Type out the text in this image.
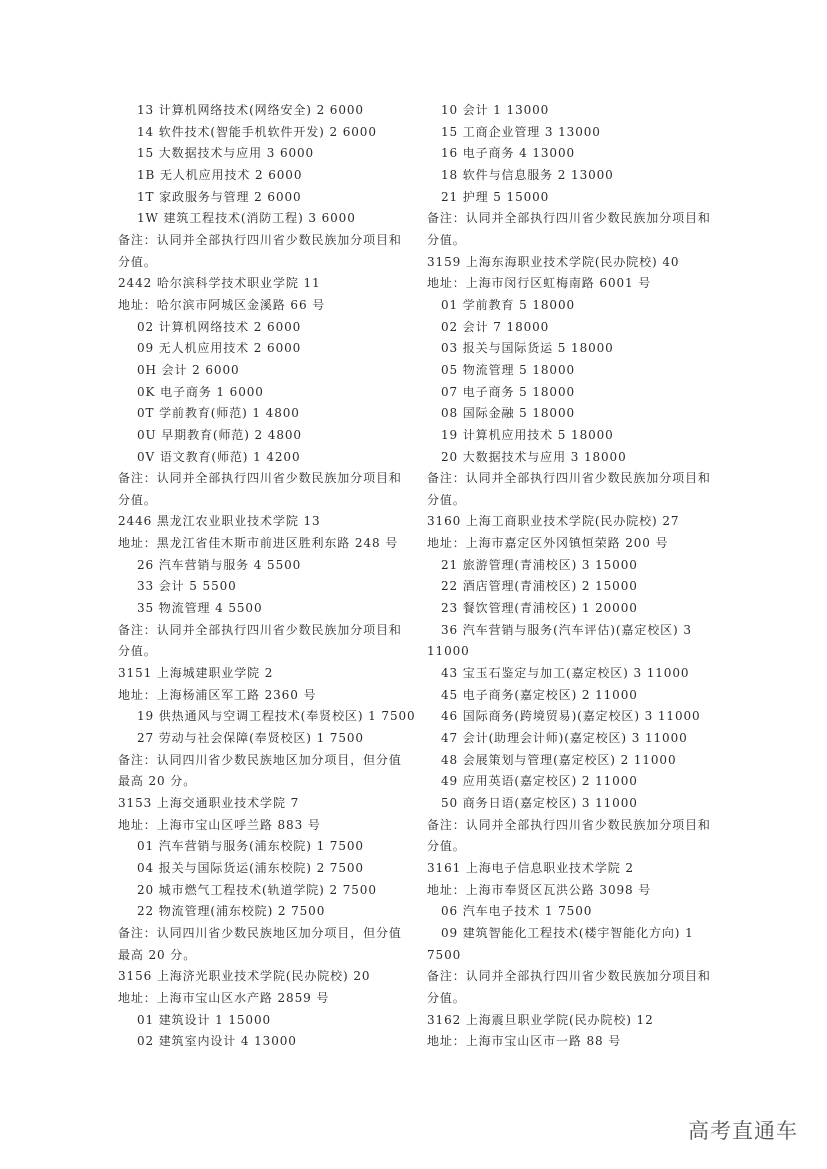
13 计算机网络技术(网络安全) 2 6000
14 软件技术(智能手机软件开发) 2 6000
15 大数据技术与应用 3 6000
1B 无人机应用技术 2 6000
1T 家政服务与管理 2 6000
1W 建筑工程技术(消防工程) 3 6000
备注：认同并全部执行四川省少数民族加分项目和
分值。
2442 哈尔滨科学技术职业学院 11
地址：哈尔滨市阿城区金溪路 66 号
02 计算机网络技术 2 6000
09 无人机应用技术 2 6000
0H 会计 2 6000
0K 电子商务 1 6000
0T 学前教育(师范) 1 4800
0U 早期教育(师范) 2 4800
0V 语文教育(师范) 1 4200
备注：认同并全部执行四川省少数民族加分项目和
分值。
2446 黑龙江农业职业技术学院 13
地址：黑龙江省佳木斯市前进区胜利东路 248 号
26 汽车营销与服务 4 5500
33 会计 5 5500
35 物流管理 4 5500
备注：认同并全部执行四川省少数民族加分项目和
分值。
3151 上海城建职业学院 2
地址：上海杨浦区军工路 2360 号
19 供热通风与空调工程技术(奉贤校区) 1 7500
27 劳动与社会保障(奉贤校区) 1 7500
备注：认同四川省少数民族地区加分项目，但分值
最高 20 分。
3153 上海交通职业技术学院 7
地址：上海市宝山区呼兰路 883 号
01 汽车营销与服务(浦东校院) 1 7500
04 报关与国际货运(浦东校院) 2 7500
20 城市燃气工程技术(轨道学院) 2 7500
22 物流管理(浦东校院) 2 7500
备注：认同四川省少数民族地区加分项目，但分值
最高 20 分。
3156 上海济光职业技术学院(民办院校) 20
地址：上海市宝山区水产路 2859 号
01 建筑设计 1 15000
02 建筑室内设计 4 13000
10 会计 1 13000
15 工商企业管理 3 13000
16 电子商务 4 13000
18 软件与信息服务 2 13000
21 护理 5 15000
备注：认同并全部执行四川省少数民族加分项目和
分值。
3159 上海东海职业技术学院(民办院校) 40
地址：上海市闵行区虹梅南路 6001 号
01 学前教育 5 18000
02 会计 7 18000
03 报关与国际货运 5 18000
05 物流管理 5 18000
07 电子商务 5 18000
08 国际金融 5 18000
19 计算机应用技术 5 18000
20 大数据技术与应用 3 18000
备注：认同并全部执行四川省少数民族加分项目和
分值。
3160 上海工商职业技术学院(民办院校) 27
地址：上海市嘉定区外冈镇恒荣路 200 号
21 旅游管理(青浦校区) 3 15000
22 酒店管理(青浦校区) 2 15000
23 餐饮管理(青浦校区) 1 20000
36 汽车营销与服务(汽车评估)(嘉定校区) 3
11000
43 宝玉石鉴定与加工(嘉定校区) 3 11000
45 电子商务(嘉定校区) 2 11000
46 国际商务(跨境贸易)(嘉定校区) 3 11000
47 会计(助理会计师)(嘉定校区) 3 11000
48 会展策划与管理(嘉定校区) 2 11000
49 应用英语(嘉定校区) 2 11000
50 商务日语(嘉定校区) 3 11000
备注：认同并全部执行四川省少数民族加分项目和
分值。
3161 上海电子信息职业技术学院 2
地址：上海市奉贤区瓦洪公路 3098 号
06 汽车电子技术 1 7500
09 建筑智能化工程技术(楼宇智能化方向) 1
7500
备注：认同并全部执行四川省少数民族加分项目和
分值。
3162 上海震旦职业学院(民办院校) 12
地址：上海市宝山区市一路 88 号
高考直通车
